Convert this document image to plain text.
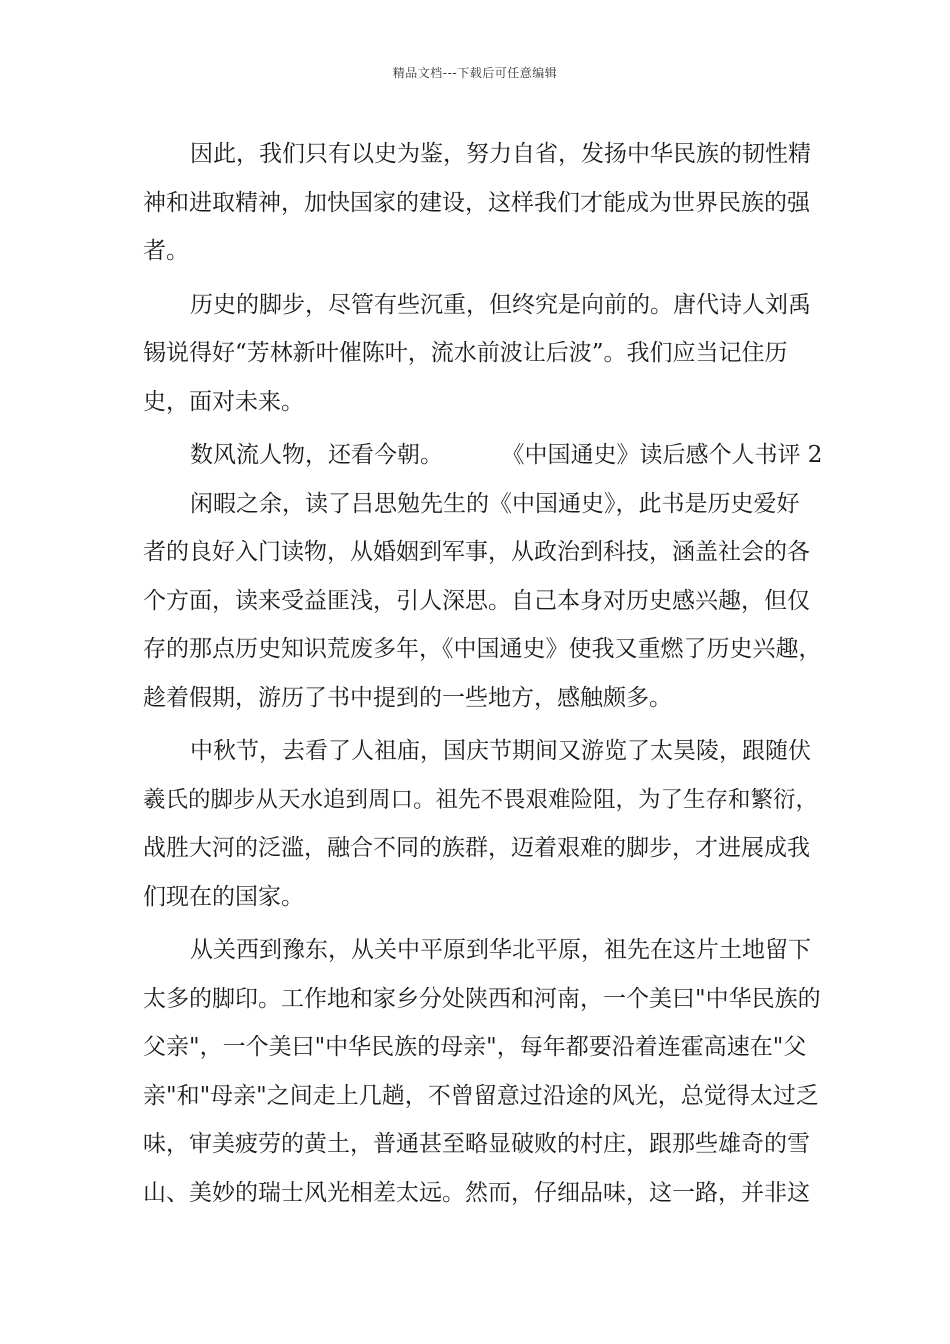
精品文档---下载后可任意编辑
因此，我们只有以史为鉴，努力自省，发扬中华民族的韧性精
神和进取精神，加快国家的建设，这样我们才能成为世界民族的强
者。
历史的脚步，尽管有些沉重，但终究是向前的。唐代诗人刘禹
锡说得好“芳林新叶催陈叶，流水前波让后波”。我们应当记住历
史，面对未来。
数风流人物，还看今朝。        《中国通史》读后感个人书评 2
闲暇之余，读了吕思勉先生的《中国通史》，此书是历史爱好
者的良好入门读物，从婚姻到军事，从政治到科技，涵盖社会的各
个方面，读来受益匪浅，引人深思。自己本身对历史感兴趣，但仅
存的那点历史知识荒废多年，《中国通史》使我又重燃了历史兴趣，
趁着假期，游历了书中提到的一些地方，感触颇多。
中秋节，去看了人祖庙，国庆节期间又游览了太昊陵，跟随伏
羲氏的脚步从天水追到周口。祖先不畏艰难险阻，为了生存和繁衍，
战胜大河的泛滥，融合不同的族群，迈着艰难的脚步，才进展成我
们现在的国家。
从关西到豫东，从关中平原到华北平原，祖先在这片土地留下
太多的脚印。工作地和家乡分处陕西和河南，一个美曰"中华民族的
父亲"，一个美曰"中华民族的母亲"，每年都要沿着连霍高速在"父
亲"和"母亲"之间走上几趟，不曾留意过沿途的风光，总觉得太过乏
味，审美疲劳的黄土，普通甚至略显破败的村庄，跟那些雄奇的雪
山、美妙的瑞士风光相差太远。然而，仔细品味，这一路，并非这
